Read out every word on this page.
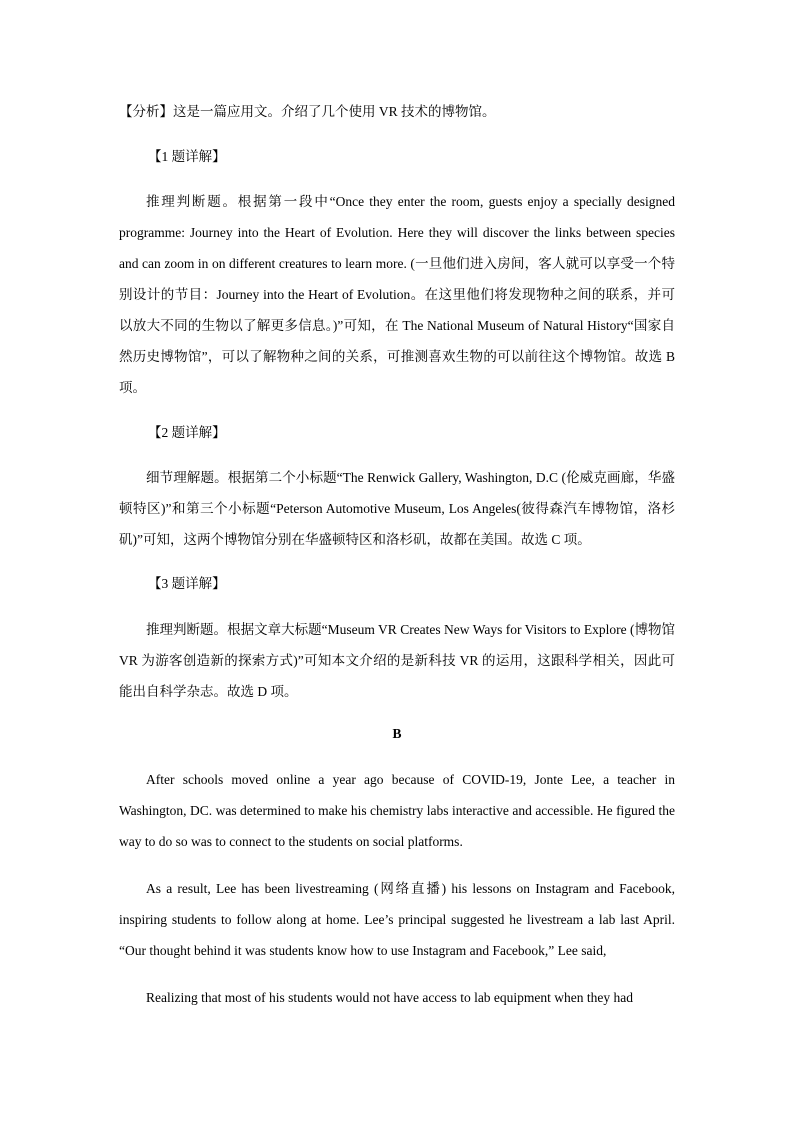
【分析】这是一篇应用文。介绍了几个使用 VR 技术的博物馆。
【1 题详解】
推理判断题。根据第一段中“Once they enter the room, guests enjoy a specially designed programme: Journey into the Heart of Evolution. Here they will discover the links between species and can zoom in on different creatures to learn more. (一旦他们进入房间，客人就可以享受一个特别设计的节目：Journey into the Heart of Evolution。在这里他们将发现物种之间的联系，并可以放大不同的生物以了解更多信息。)”可知，在 The National Museum of Natural History“国家自然历史博物馆”，可以了解物种之间的关系，可推测喜欢生物的可以前往这个博物馆。故选 B 项。
【2 题详解】
细节理解题。根据第二个小标题“The Renwick Gallery, Washington, D.C (伦威克画廊，华盛顿特区)”和第三个小标题“Peterson Automotive Museum, Los Angeles(彼得森汽车博物馆，洛杉矶)”可知，这两个博物馆分别在华盛顿特区和洛杉矶，故都在美国。故选 C 项。
【3 题详解】
推理判断题。根据文章大标题“Museum VR Creates New Ways for Visitors to Explore (博物馆 VR 为游客创造新的探索方式)”可知本文介绍的是新科技 VR 的运用，这跟科学相关，因此可能出自科学杂志。故选 D 项。
B
After schools moved online a year ago because of COVID-19, Jonte Lee, a teacher in Washington, DC. was determined to make his chemistry labs interactive and accessible. He figured the way to do so was to connect to the students on social platforms.
As a result, Lee has been livestreaming (网络直播) his lessons on Instagram and Facebook, inspiring students to follow along at home. Lee’s principal suggested he livestream a lab last April. “Our thought behind it was students know how to use Instagram and Facebook,” Lee said,
Realizing that most of his students would not have access to lab equipment when they had
